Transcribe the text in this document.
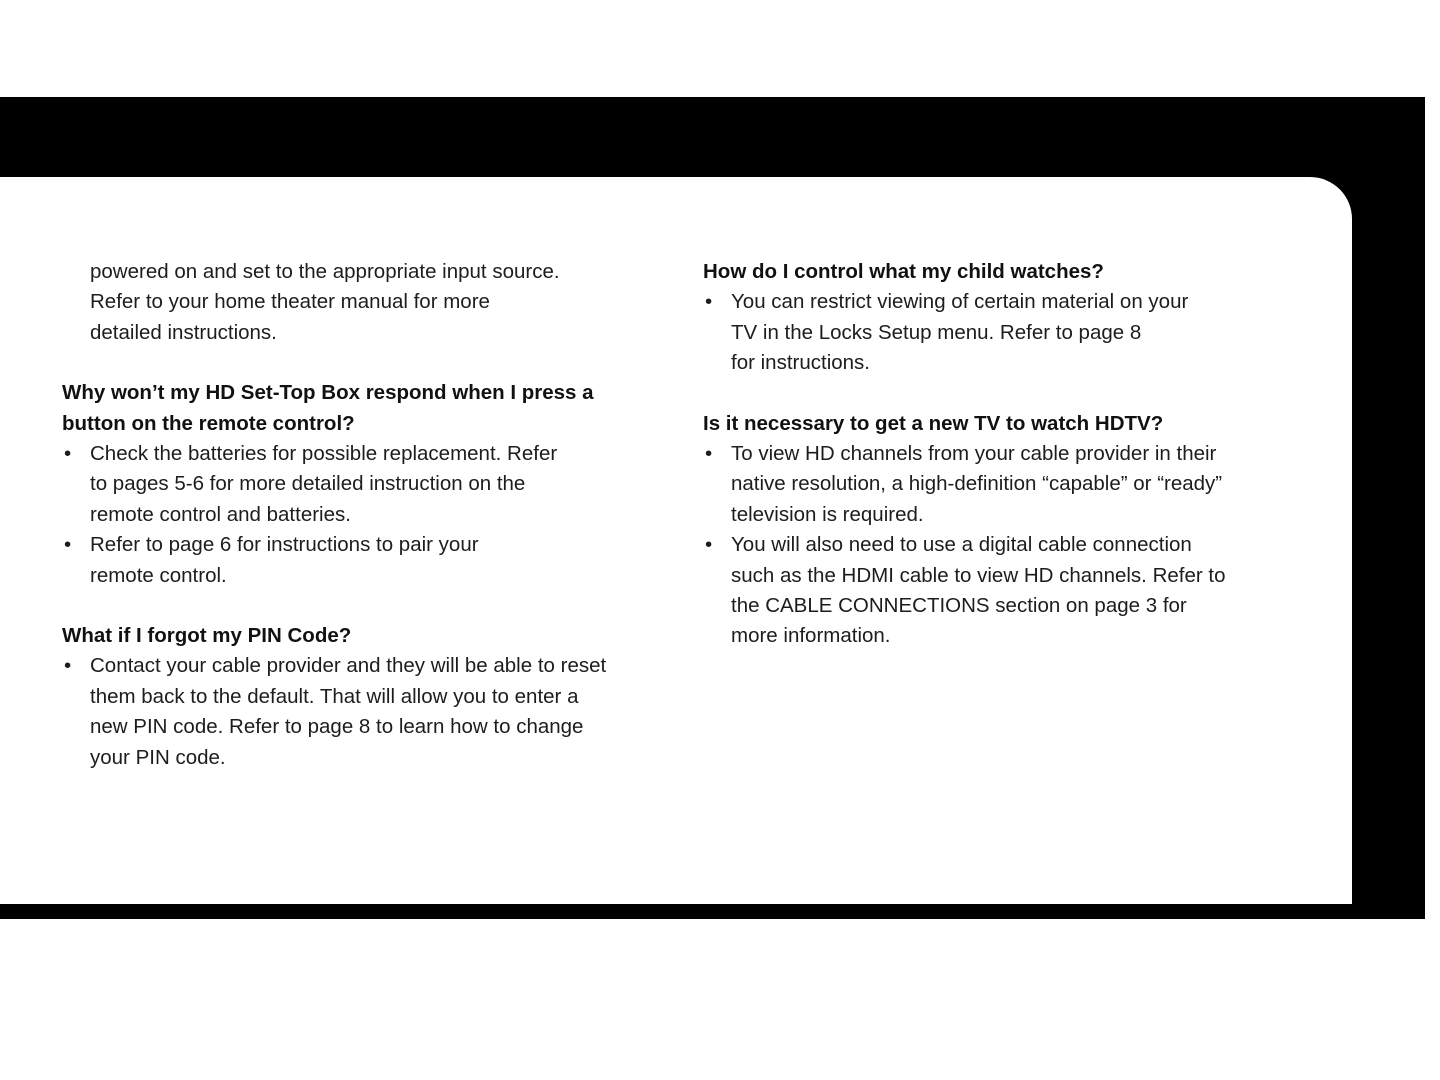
powered on and set to the appropriate input source.
Refer to your home theater manual for more
detailed instructions.

Why won’t my HD Set-Top Box respond when I press a
button on the remote control?

• Check the batteries for possible replacement. Refer
to pages 5-6 for more detailed instruction on the
remote control and batteries.
• Refer to page 6 for instructions to pair your
remote control.

What if I forgot my PIN Code?

• Contact your cable provider and they will be able to reset
them back to the default. That will allow you to enter a
new PIN code. Refer to page 8 to learn how to change
your PIN code.

How do I control what my child watches?

• You can restrict viewing of certain material on your
TV in the Locks Setup menu. Refer to page 8
for instructions.

Is it necessary to get a new TV to watch HDTV?

• To view HD channels from your cable provider in their
native resolution, a high-definition “capable” or “ready”
television is required.
• You will also need to use a digital cable connection
such as the HDMI cable to view HD channels. Refer to
the CABLE CONNECTIONS section on page 3 for
more information.
